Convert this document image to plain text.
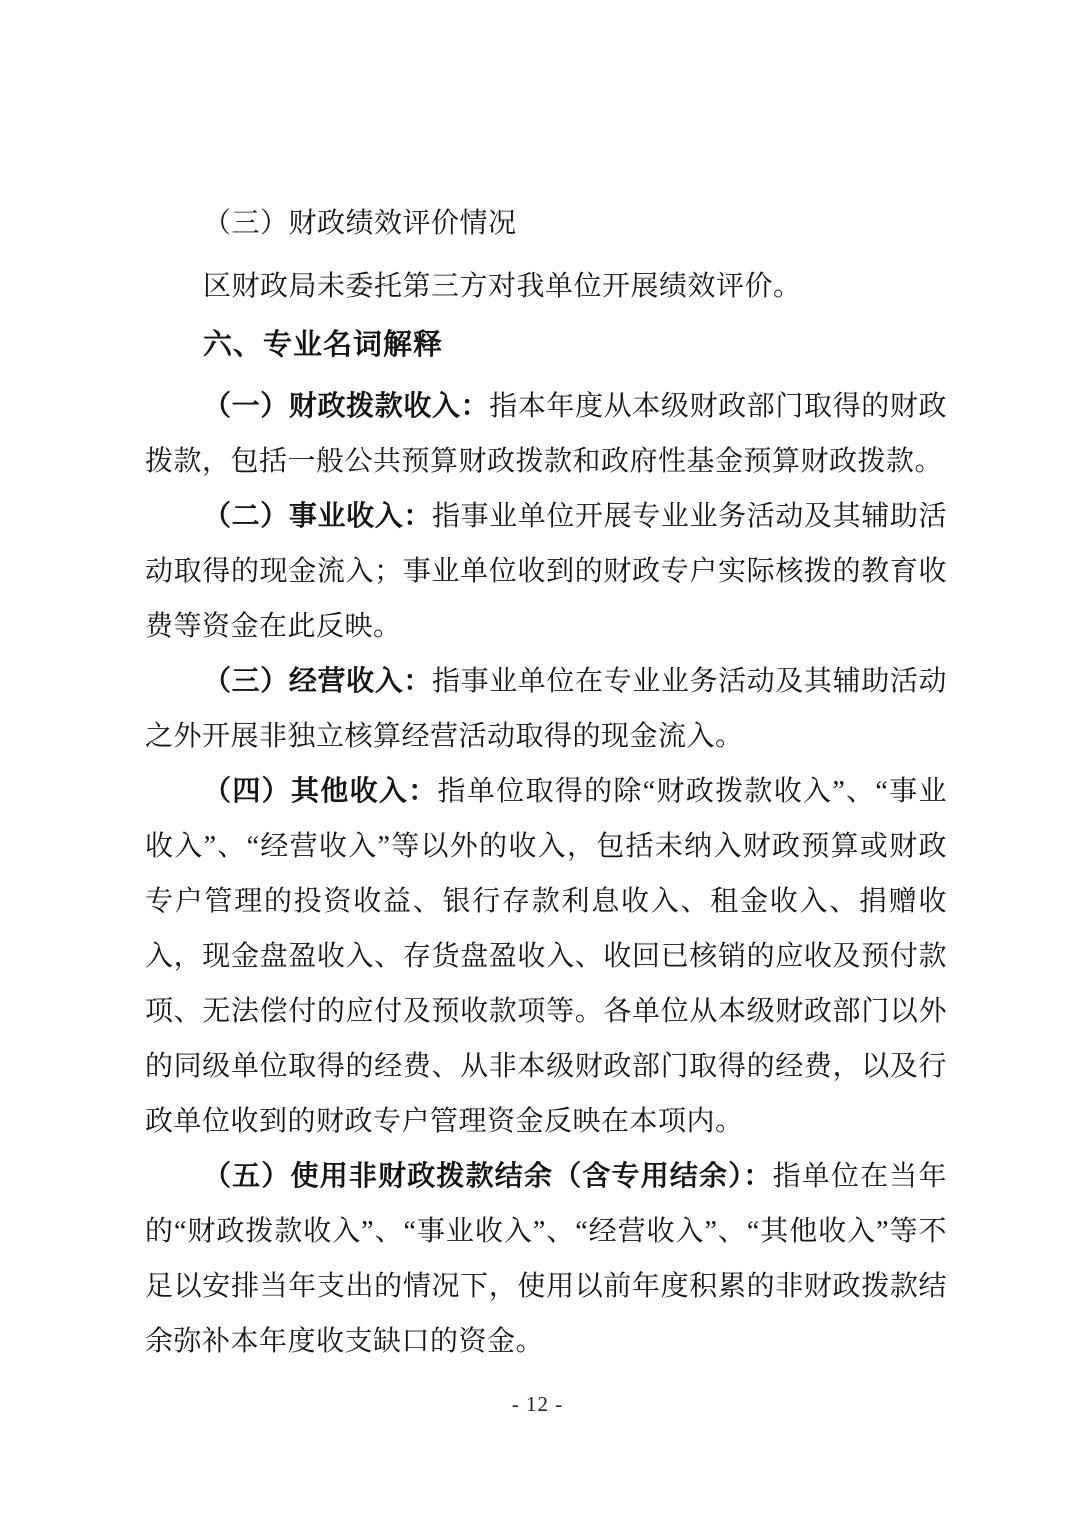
（三）财政绩效评价情况

区财政局未委托第三方对我单位开展绩效评价。

六、专业名词解释

（一）财政拨款收入：指本年度从本级财政部门取得的财政拨款，包括一般公共预算财政拨款和政府性基金预算财政拨款。

（二）事业收入：指事业单位开展专业业务活动及其辅助活动取得的现金流入；事业单位收到的财政专户实际核拨的教育收费等资金在此反映。

（三）经营收入：指事业单位在专业业务活动及其辅助活动之外开展非独立核算经营活动取得的现金流入。

（四）其他收入：指单位取得的除“财政拨款收入”、“事业收入”、“经营收入”等以外的收入，包括未纳入财政预算或财政专户管理的投资收益、银行存款利息收入、租金收入、捐赠收入，现金盘盈收入、存货盘盈收入、收回已核销的应收及预付款项、无法偿付的应付及预收款项等。各单位从本级财政部门以外的同级单位取得的经费、从非本级财政部门取得的经费，以及行政单位收到的财政专户管理资金反映在本项内。

（五）使用非财政拨款结余（含专用结余）：指单位在当年的“财政拨款收入”、“事业收入”、“经营收入”、“其他收入”等不足以安排当年支出的情况下，使用以前年度积累的非财政拨款结余弥补本年度收支缺口的资金。

- 12 -
